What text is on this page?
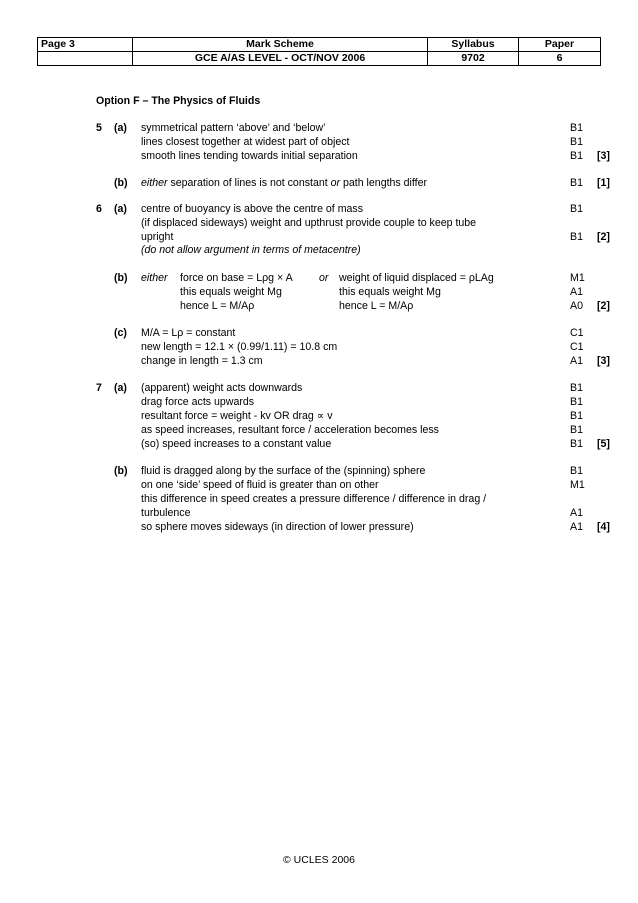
Page 3	Mark Scheme	Syllabus	Paper
	GCE A/AS LEVEL - OCT/NOV 2006	9702	6
Option F – The Physics of Fluids
5 (a) symmetrical pattern ‘above’ and ‘below’	B1
lines closest together at widest part of object	B1
smooth lines tending towards initial separation	B1 [3]
(b) either separation of lines is not constant or path lengths differ	B1 [1]
6 (a) centre of buoyancy is above the centre of mass	B1
(if displaced sideways) weight and upthrust provide couple to keep tube
upright	B1 [2]
(do not allow argument in terms of metacentre)
(b) either force on base = Lρg × A or weight of liquid displaced = ρLAg	M1
this equals weight Mg	this equals weight Mg	A1
hence L = M/Aρ	hence L = M/Aρ	A0 [2]
(c) M/A = Lρ = constant	C1
new length = 12.1 × (0.99/1.11) = 10.8 cm	C1
change in length = 1.3 cm	A1 [3]
7 (a) (apparent) weight acts downwards	B1
drag force acts upwards	B1
resultant force = weight - kv OR drag ∝ v	B1
as speed increases, resultant force / acceleration becomes less	B1
(so) speed increases to a constant value	B1 [5]
(b) fluid is dragged along by the surface of the (spinning) sphere	B1
on one ‘side’ speed of fluid is greater than on other	M1
this difference in speed creates a pressure difference / difference in drag /
turbulence	A1
so sphere moves sideways (in direction of lower pressure)	A1 [4]
© UCLES 2006
